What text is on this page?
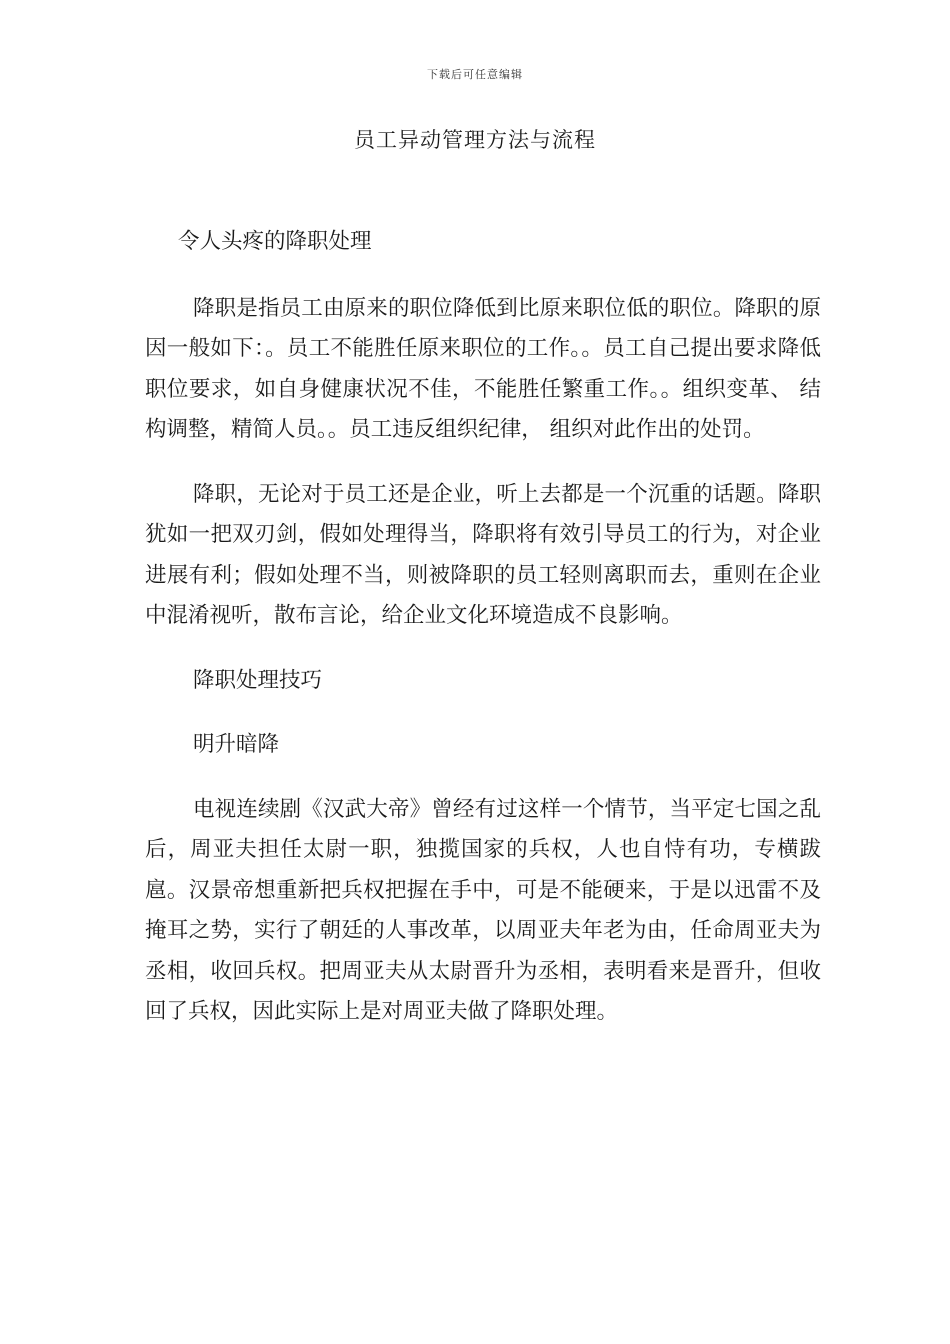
下载后可任意编辑
员工异动管理方法与流程

令人头疼的降职处理

降职是指员工由原来的职位降低到比原来职位低的职位。降职的原因一般如下：。员工不能胜任原来职位的工作。。员工自己提出要求降低职位要求，如自身健康状况不佳，不能胜任繁重工作。。组织变革、 结构调整，精简人员。。员工违反组织纪律， 组织对此作出的处罚。

降职，无论对于员工还是企业，听上去都是一个沉重的话题。降职犹如一把双刃剑，假如处理得当，降职将有效引导员工的行为，对企业进展有利；假如处理不当，则被降职的员工轻则离职而去，重则在企业中混淆视听，散布言论，给企业文化环境造成不良影响。

降职处理技巧

明升暗降

电视连续剧《汉武大帝》曾经有过这样一个情节，当平定七国之乱后，周亚夫担任太尉一职，独揽国家的兵权，人也自恃有功，专横跋扈。汉景帝想重新把兵权把握在手中，可是不能硬来，于是以迅雷不及掩耳之势，实行了朝廷的人事改革，以周亚夫年老为由，任命周亚夫为丞相，收回兵权。把周亚夫从太尉晋升为丞相，表明看来是晋升，但收回了兵权，因此实际上是对周亚夫做了降职处理。
